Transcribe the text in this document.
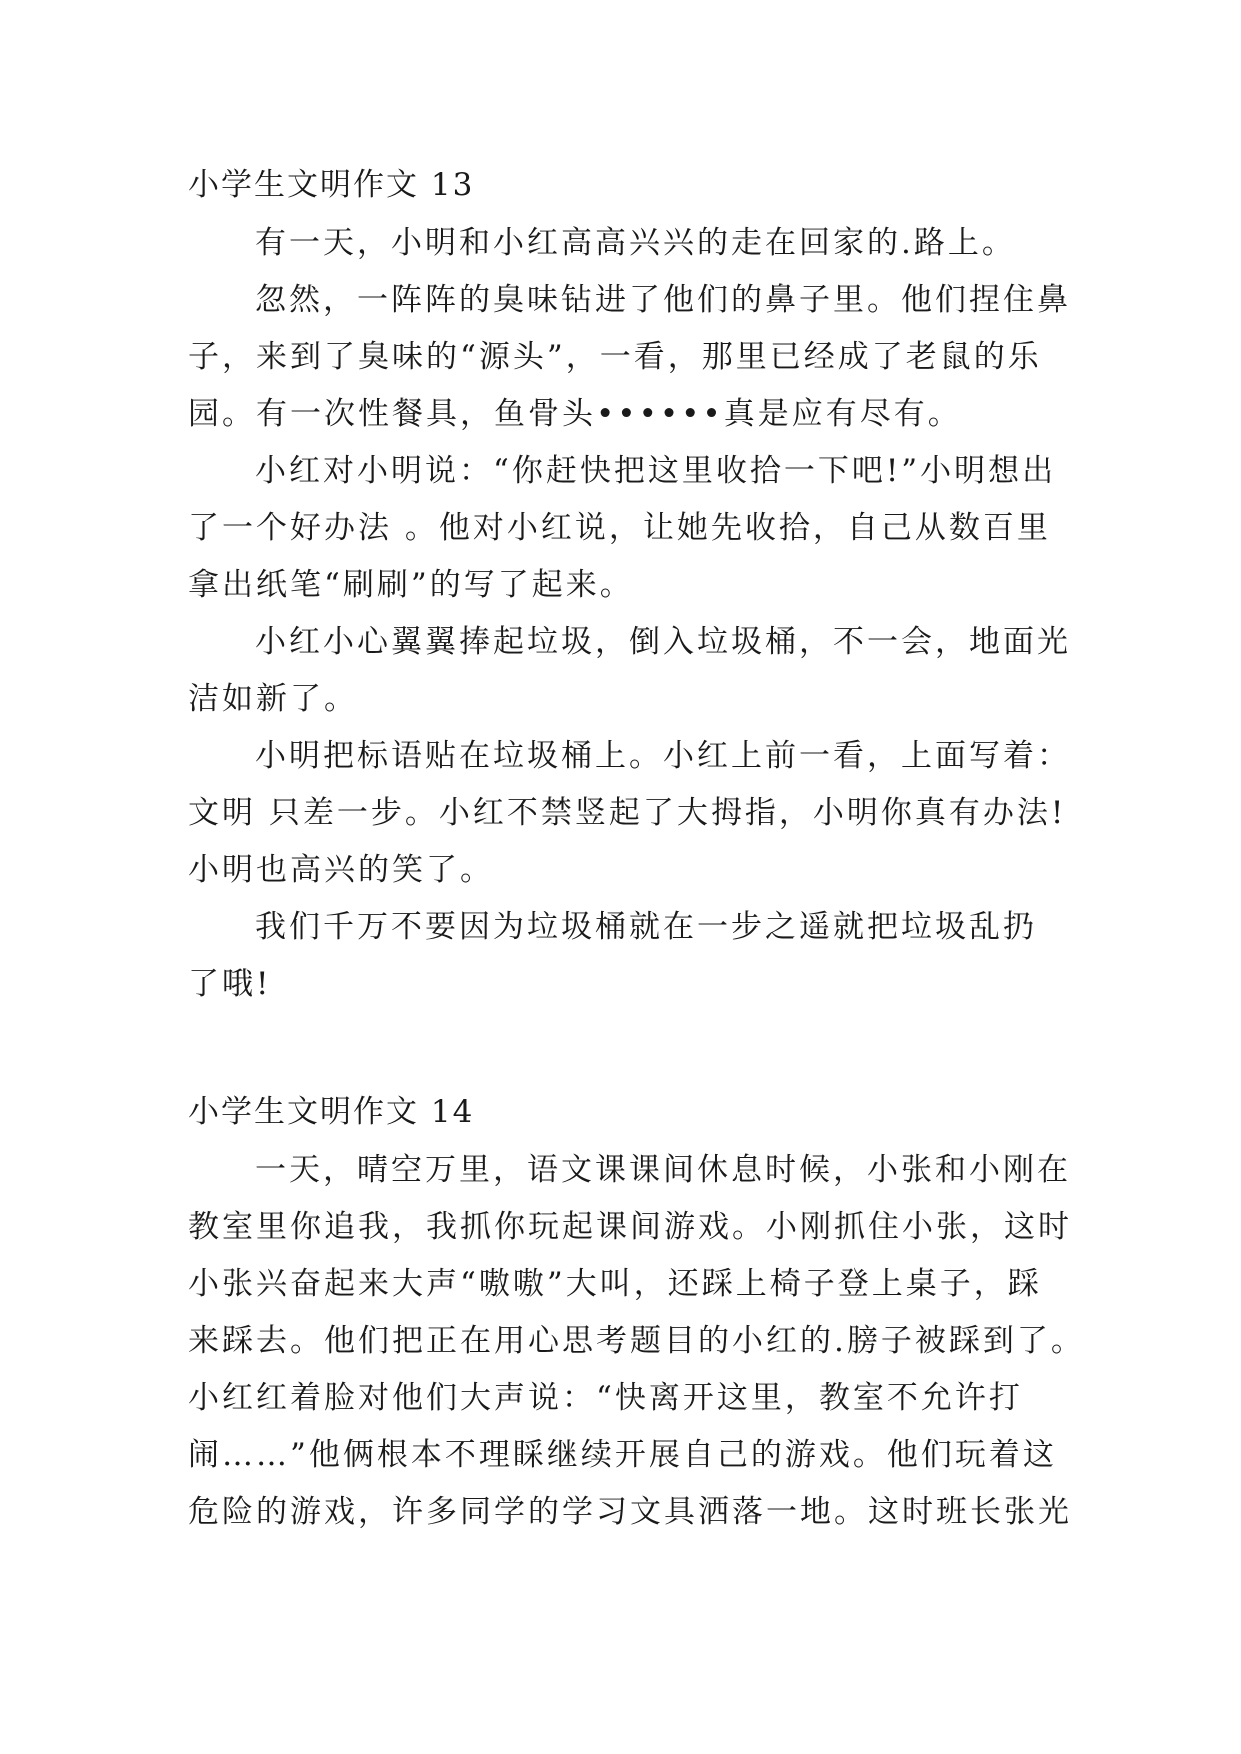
小学生文明作文 13
有一天，小明和小红高高兴兴的走在回家的.路上。
忽然，一阵阵的臭味钻进了他们的鼻子里。他们捏住鼻
子，来到了臭味的“源头”，一看，那里已经成了老鼠的乐
园。有一次性餐具，鱼骨头••••••真是应有尽有。
小红对小明说：“你赶快把这里收拾一下吧!”小明想出
了一个好办法 。他对小红说，让她先收拾，自己从数百里
拿出纸笔“刷刷”的写了起来。
小红小心翼翼捧起垃圾，倒入垃圾桶，不一会，地面光
洁如新了。
小明把标语贴在垃圾桶上。小红上前一看，上面写着：
文明 只差一步。小红不禁竖起了大拇指，小明你真有办法!
小明也高兴的笑了。
我们千万不要因为垃圾桶就在一步之遥就把垃圾乱扔
了哦!
小学生文明作文 14
一天，晴空万里，语文课课间休息时候，小张和小刚在
教室里你追我，我抓你玩起课间游戏。小刚抓住小张，这时
小张兴奋起来大声“嗷嗷”大叫，还踩上椅子登上桌子，踩
来踩去。他们把正在用心思考题目的小红的.膀子被踩到了。
小红红着脸对他们大声说：“快离开这里，教室不允许打
闹……”他俩根本不理睬继续开展自己的游戏。他们玩着这
危险的游戏，许多同学的学习文具洒落一地。这时班长张光
